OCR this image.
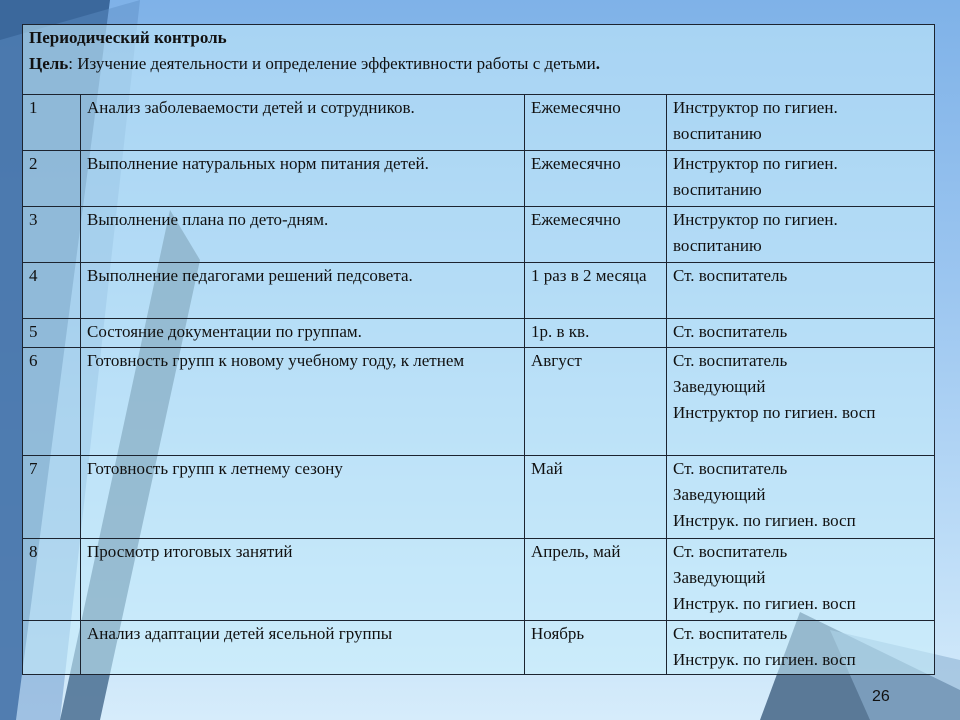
Периодический контроль
Цель: Изучение деятельности и определение эффективности работы с детьми.			

1	Анализ заболеваемости детей и сотрудников.	Ежемесячно	Инструктор по гигиен. воспитанию

2	Выполнение натуральных норм питания детей.	Ежемесячно	Инструктор по гигиен. воспитанию

3	Выполнение плана по дето-дням.	Ежемесячно	Инструктор по гигиен. воспитанию

4	Выполнение педагогами решений педсовета.	1 раз в 2 месяца	Ст. воспитатель

5	Состояние документации по группам.	1р. в кв.	Ст. воспитатель

6	Готовность групп к новому учебному году, к летнем	Август	Ст. воспитатель
Заведующий
Инструктор по гигиен. восп

7	Готовность групп к летнему сезону	Май	Ст. воспитатель
Заведующий
Инструк. по гигиен. восп

8	Просмотр итоговых занятий	Апрель, май	Ст. воспитатель
Заведующий
Инструк. по гигиен. восп

	Анализ адаптации детей ясельной группы	Ноябрь	Ст. воспитатель
Инструк. по гигиен. восп
26
